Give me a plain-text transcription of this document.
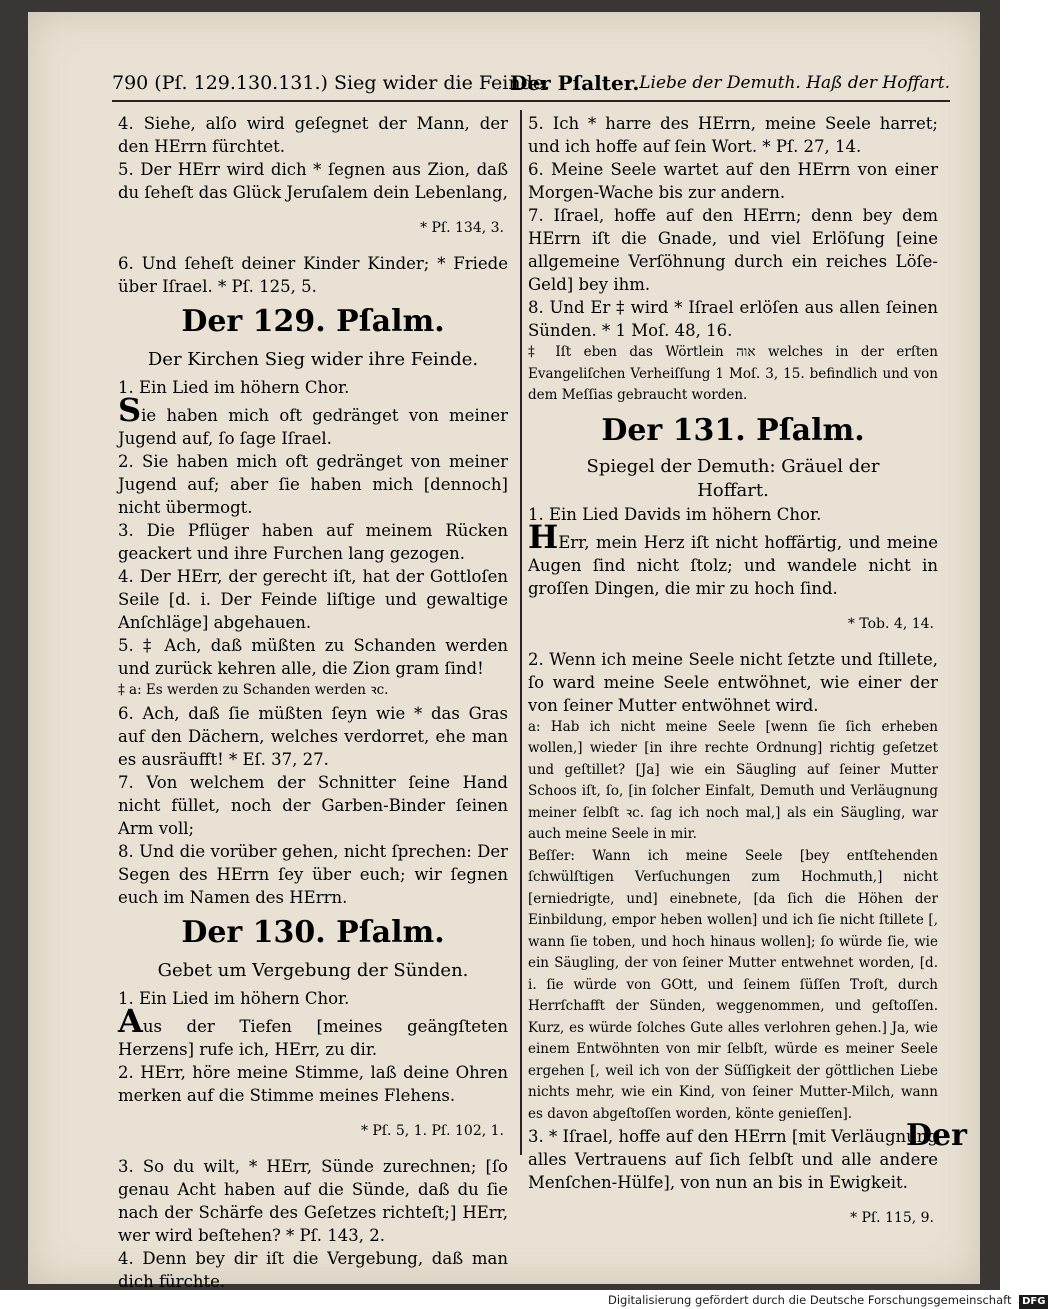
790 (Pſ. 129.130.131.) Sieg wider die Feinde.
Der Pſalter. Liebe der Demuth. Haß der Hoffart.

4. Siehe, alſo wird geſegnet der Mann, der den HErrn fürchtet.

5. Der HErr wird dich * ſegnen aus Zion, daß du ſeheſt das Glück Jeruſalem dein Lebenlang,

* Pſ. 134, 3.

6. Und ſeheſt deiner Kinder Kinder; * Friede über Iſrael. * Pſ. 125, 5.

Der 129. Pſalm.

Der Kirchen Sieg wider ihre Feinde.

1. Ein Lied im höhern Chor.

Sie haben mich oft gedränget von meiner Jugend auf, ſo ſage Iſrael.

2. Sie haben mich oft gedränget von meiner Jugend auf; aber ſie haben mich [dennoch] nicht übermogt.

3. Die Pflüger haben auf meinem Rücken geackert und ihre Furchen lang gezogen.

4. Der HErr, der gerecht iſt, hat der Gottloſen Seile [d. i. Der Feinde liſtige und gewaltige Anſchläge] abgehauen.

5. ‡ Ach, daß müßten zu Schanden werden und zurück kehren alle, die Zion gram ſind!

‡ a: Es werden zu Schanden werden ꝛc.

6. Ach, daß ſie müßten ſeyn wie * das Gras auf den Dächern, welches verdorret, ehe man es ausräufft! * Eſ. 37, 27.

7. Von welchem der Schnitter ſeine Hand nicht füllet, noch der Garben-Binder ſeinen Arm voll;

8. Und die vorüber gehen, nicht ſprechen: Der Segen des HErrn ſey über euch; wir ſegnen euch im Namen des HErrn.

Der 130. Pſalm.

Gebet um Vergebung der Sünden.

1. Ein Lied im höhern Chor.

Aus der Tiefen [meines geängſteten Herzens] rufe ich, HErr, zu dir.

2. HErr, höre meine Stimme, laß deine Ohren merken auf die Stimme meines Flehens.

* Pſ. 5, 1. Pſ. 102, 1.

3. So du wilt, * HErr, Sünde zurechnen; [ſo genau Acht haben auf die Sünde, daß du ſie nach der Schärfe des Geſetzes richteſt;] HErr, wer wird beſtehen? * Pſ. 143, 2.

4. Denn bey dir iſt die Vergebung, daß man dich fürchte.

5. Ich * harre des HErrn, meine Seele harret; und ich hoffe auf ſein Wort. * Pſ. 27, 14.

6. Meine Seele wartet auf den HErrn von einer Morgen-Wache bis zur andern.

7. Iſrael, hoffe auf den HErrn; denn bey dem HErrn iſt die Gnade, und viel Erlöſung [eine allgemeine Verſöhnung durch ein reiches Löſe-Geld] bey ihm.

8. Und Er ‡ wird * Iſrael erlöſen aus allen ſeinen Sünden. * 1 Moſ. 48, 16.

‡ Iſt eben das Wörtlein אוה welches in der erſten Evangeliſchen Verheiſſung 1 Moſ. 3, 15. befindlich und von dem Meſſias gebraucht worden.

Der 131. Pſalm.

Spiegel der Demuth: Gräuel der

Hoffart.

1. Ein Lied Davids im höhern Chor.

HErr, mein Herz iſt nicht hoffärtig, und meine Augen ſind nicht ſtolz; und wandele nicht in groſſen Dingen, die mir zu hoch ſind.

* Tob. 4, 14.

2. Wenn ich meine Seele nicht ſetzte und ſtillete, ſo ward meine Seele entwöhnet, wie einer der von ſeiner Mutter entwöhnet wird.

a: Hab ich nicht meine Seele [wenn ſie ſich erheben wollen,] wieder [in ihre rechte Ordnung] richtig geſetzet und geſtillet? [Ja] wie ein Säugling auf ſeiner Mutter Schoos iſt, ſo, [in ſolcher Einfalt, Demuth und Verläugnung meiner ſelbſt ꝛc. ſag ich noch mal,] als ein Säugling, war auch meine Seele in mir.

Beſſer: Wann ich meine Seele [bey entſtehenden ſchwülſtigen Verſuchungen zum Hochmuth,] nicht [erniedrigte, und] einebnete, [da ſich die Höhen der Einbildung, empor heben wollen] und ich ſie nicht ſtillete [, wann ſie toben, und hoch hinaus wollen]; ſo würde ſie, wie ein Säugling, der von ſeiner Mutter entwehnet worden, [d. i. ſie würde von GOtt, und ſeinem ſüſſen Troſt, durch Herrſchafft der Sünden, weggenommen, und geſtoſſen. Kurz, es würde ſolches Gute alles verlohren gehen.] Ja, wie einem Entwöhnten von mir ſelbſt, würde es meiner Seele ergehen [, weil ich von der Süſſigkeit der göttlichen Liebe nichts mehr, wie ein Kind, von ſeiner Mutter-Milch, wann es davon abgeſtoſſen worden, könte genieſſen].

3. * Iſrael, hoffe auf den HErrn [mit Verläugnung alles Vertrauens auf ſich ſelbſt und alle andere Menſchen-Hülfe], von nun an bis in Ewigkeit.

* Pſ. 115, 9.

Der
Digitalisierung gefördert durch die Deutsche Forschungsgemeinschaft DFG
